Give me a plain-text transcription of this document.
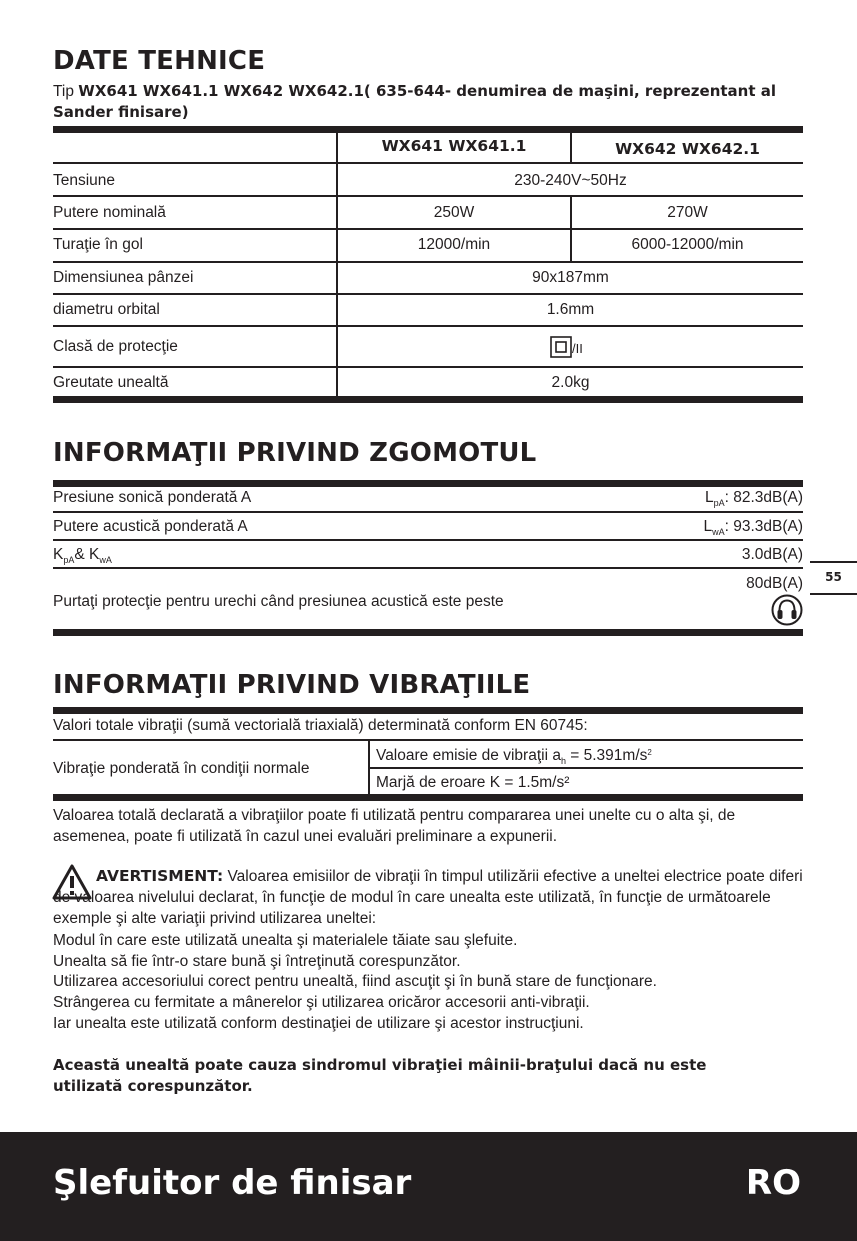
DATE TEHNICE
Tip WX641 WX641.1 WX642 WX642.1( 635-644- denumirea de maşini, reprezentant al Sander finisare)
WX641 WX641.1	WX642 WX642.1
Tensiune	230-240V~50Hz
Putere nominală	250W	270W
Turaţie în gol	12000/min	6000-12000/min
Dimensiunea pânzei	90x187mm
diametru orbital	1.6mm
Clasă de protecţie	/II
Greutate unealtă	2.0kg
INFORMAŢII PRIVIND ZGOMOTUL
Presiune sonică ponderată A	$L_{pA}$: 82.3dB(A)
Putere acustică ponderată A	$L_{wA}$: 93.3dB(A)
$K_{pA}\&$ $K_{wA}$	3.0dB(A)
80dB(A)
Purtaţi protecţie pentru urechi când presiunea acustică este peste
55
INFORMAŢII PRIVIND VIBRAŢIILE
Valori totale vibraţii (sumă vectorială triaxială) determinată conform EN 60745:
Vibraţie ponderată în condiţii normale
Valoare emisie de vibraţii $a_h = 5.391m/s^2$
Marjă de eroare K = 1.5m/s²
Valoarea totală declarată a vibraţiilor poate fi utilizată pentru compararea unei unelte cu o alta şi, de asemenea, poate fi utilizată în cazul unei evaluări preliminare a expunerii.
AVERTISMENT: Valoarea emisiilor de vibraţii în timpul utilizării efective a uneltei electrice poate diferi de valoarea nivelului declarat, în funcţie de modul în care unealta este utilizată, în funcţie de următoarele exemple şi alte variaţii privind utilizarea uneltei:
Modul în care este utilizată unealta şi materialele tăiate sau şlefuite.
Unealta să fie într-o stare bună şi întreţinută corespunzător.
Utilizarea accesoriului corect pentru unealtă, fiind ascuţit şi în bună stare de funcţionare.
Strângerea cu fermitate a mânerelor şi utilizarea oricăror accesorii anti-vibraţii.
Iar unealta este utilizată conform destinaţiei de utilizare şi acestor instrucţiuni.
Această unealtă poate cauza sindromul vibraţiei mâinii-braţului dacă nu este utilizată corespunzător.
Şlefuitor de finisar	RO
